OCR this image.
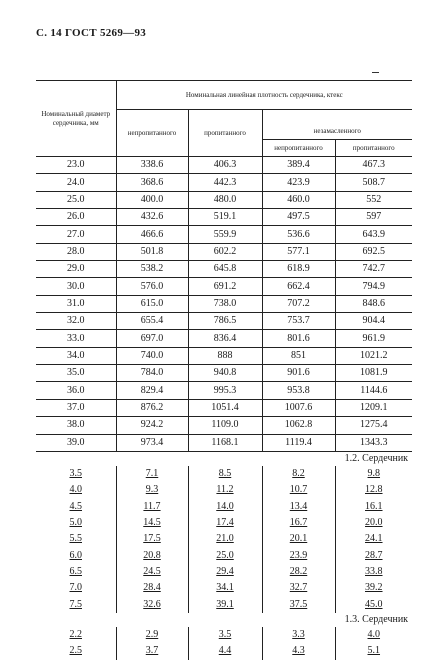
С. 14 ГОСТ 5269—93
Номинальный диаметр сердечника, мм	Номинальная линейная плотность сердечника, ктекс			
	непропитанного	пропитанного	незамасленного	
			непропитанного	пропитанного
23.0	338.6	406.3	389.4	467.3
24.0	368.6	442.3	423.9	508.7
25.0	400.0	480.0	460.0	552
26.0	432.6	519.1	497.5	597
27.0	466.6	559.9	536.6	643.9
28.0	501.8	602.2	577.1	692.5
29.0	538.2	645.8	618.9	742.7
30.0	576.0	691.2	662.4	794.9
31.0	615.0	738.0	707.2	848.6
32.0	655.4	786.5	753.7	904.4
33.0	697.0	836.4	801.6	961.9
34.0	740.0	888	851	1021.2
35.0	784.0	940.8	901.6	1081.9
36.0	829.4	995.3	953.8	1144.6
37.0	876.2	1051.4	1007.6	1209.1
38.0	924.2	1109.0	1062.8	1275.4
39.0	973.4	1168.1	1119.4	1343.3
1.2. Сердечник				
3.5	7.1	8.5	8.2	9.8
4.0	9.3	11.2	10.7	12.8
4.5	11.7	14.0	13.4	16.1
5.0	14.5	17.4	16.7	20.0
5.5	17.5	21.0	20.1	24.1
6.0	20.8	25.0	23.9	28.7
6.5	24.5	29.4	28.2	33.8
7.0	28.4	34.1	32.7	39.2
7.5	32.6	39.1	37.5	45.0
1.3. Сердечник				
2.2	2.9	3.5	3.3	4.0
2.5	3.7	4.4	4.3	5.1
